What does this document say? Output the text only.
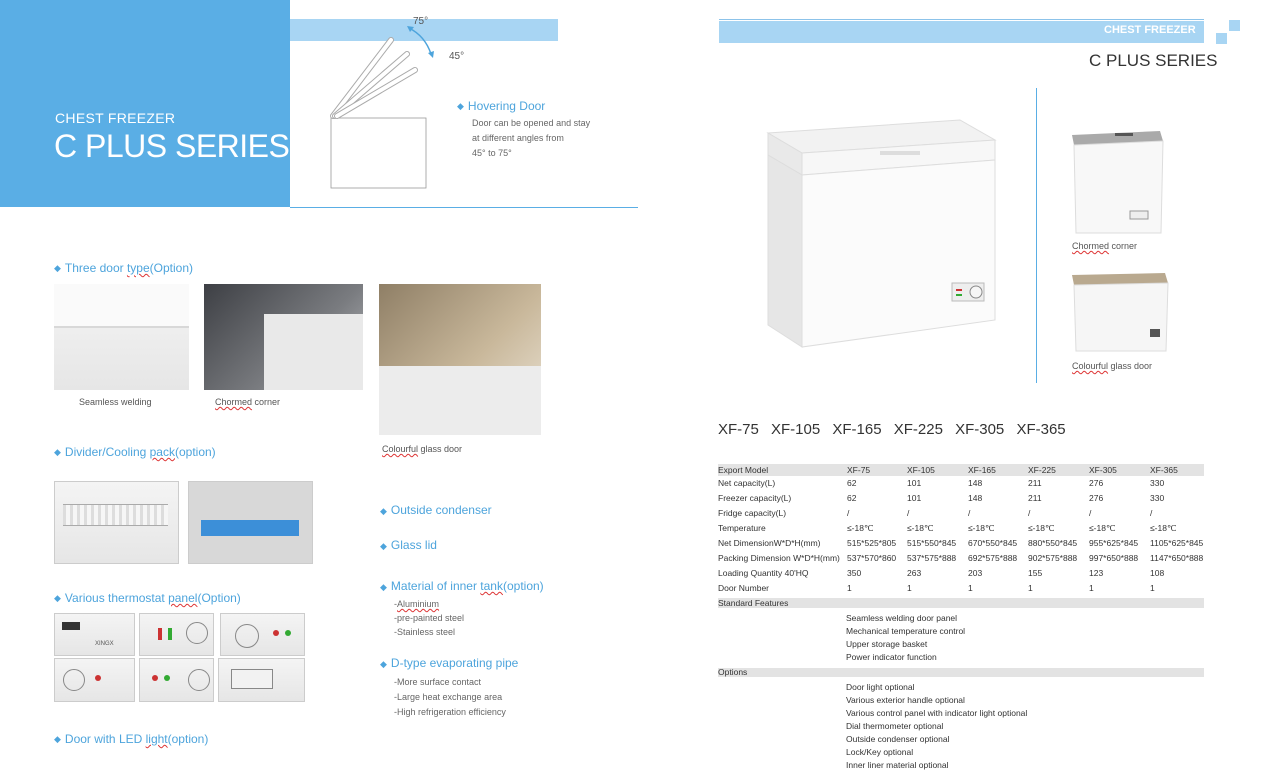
CHEST FREEZER
C PLUS SERIES
75°
45°
◆ Hovering Door
Door can be opened and stay
at different angles from
45° to 75°
◆ Three door type(Option)
Seamless welding	Chormed corner
Colourful glass door
◆ Divider/Cooling pack(option)
◆ Various thermostat panel(Option)
XINGX
◆ Door with LED light(option)
◆ Outside condenser
◆ Glass lid
◆ Material of inner tank(option)
-Aluminium
-pre-painted steel
-Stainless steel
◆ D-type evaporating pipe
-More surface contact
-Large heat exchange area
-High refrigeration efficiency
CHEST FREEZER
C PLUS SERIES
Chormed corner
Colourful glass door
XF-75 XF-105 XF-165 XF-225 XF-305 XF-365
Export Model	XF-75	XF-105	XF-165	XF-225	XF-305	XF-365
Net capacity(L)	62	101	148	211	276	330
Freezer capacity(L)	62	101	148	211	276	330
Fridge capacity(L)	/	/	/	/	/	/
Temperature	≤-18℃	≤-18℃	≤-18℃	≤-18℃	≤-18℃	≤-18℃
Net DimensionW*D*H(mm)	515*525*805 515*550*845 670*550*845 880*550*845 955*625*845 1105*625*845
Packing Dimension W*D*H(mm) 537*570*860 537*575*888 692*575*888 902*575*888 997*650*888 1147*650*888
Loading Quantity 40'HQ	350	263	203	155	123	108
Door Number	1	1	1	1	1	1
Standard Features
Seamless welding door panel
Mechanical temperature control
Upper storage basket
Power indicator function
Options
Door light optional
Various exterior handle optional
Various control panel with indicator light optional
Dial thermometer optional
Outside condenser optional
Lock/Key optional
Inner liner material optional
